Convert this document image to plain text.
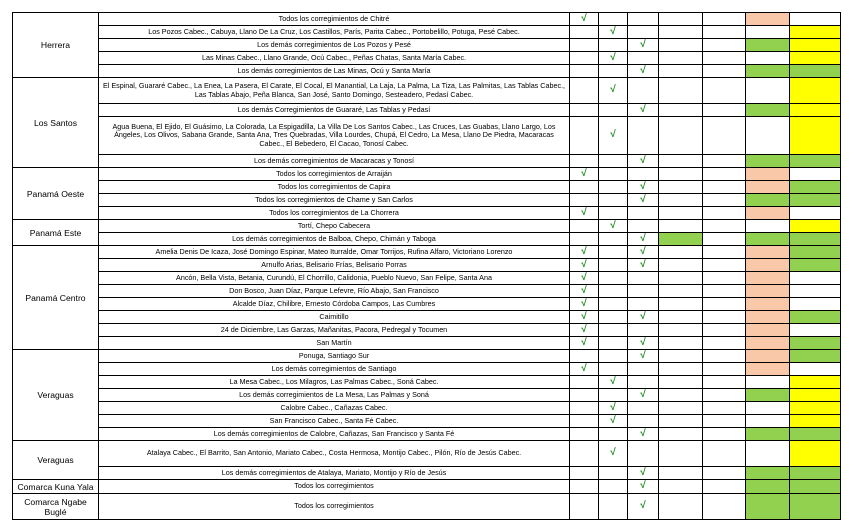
Herrera	Todos los corregimientos de Chitré	√						
	Los Pozos Cabec., Cabuya, Llano De La Cruz, Los Castillos, París, Parita Cabec., Portobelillo, Potuga, Pesé Cabec.		√					
	Los demás corregimientos de Los Pozos y Pesé			√				
	Las Minas Cabec., Llano Grande, Ocú Cabec., Peñas Chatas, Santa María Cabec.		√					
	Los demás corregimientos de Las Minas, Ocú y Santa María			√				
Los Santos	El Espinal, Guararé Cabec., La Enea, La Pasera, El Carate, El Cocal, El Manantial, La Laja, La Palma, La Tiza, Las Palmitas, Las Tablas Cabec., Las Tablas Abajo, Peña Blanca, San José, Santo Domingo, Sesteadero, Pedasí Cabec.		√					
	Los demás Corregimientos de Guararé, Las Tablas y Pedasí			√				
	Agua Buena, El Ejido, El Guásimo, La Colorada, La Espigadilla, La Villa De Los Santos Cabec., Las Cruces, Las Guabas, Llano Largo, Los Ángeles, Los Olivos, Sabana Grande, Santa Ana, Tres Quebradas, Villa Lourdes, Chupá, El Cedro, La Mesa, Llano De Piedra, Macaracas Cabec., El Bebedero, El Cacao, Tonosí Cabec.		√					
	Los demás corregimientos de Macaracas y Tonosí			√				
Panamá Oeste	Todos los corregimientos de Arraiján	√						
	Todos los corregimientos de Capira			√				
	Todos los corregimientos de Chame y San Carlos			√				
	Todos los corregimientos de La Chorrera	√						
Panamá Este	Tortí, Chepo Cabecera		√					
	Los demás corregimientos de Balboa, Chepo, Chimán y Taboga			√				
Panamá Centro	Amelia Denis De Icaza, José Domingo Espinar, Mateo Iturralde, Omar Torrijos, Rufina Alfaro, Victoriano Lorenzo	√		√				
	Arnulfo Arias, Belisario Frías, Belisario Porras	√		√				
	Ancón, Bella Vista, Betania, Curundú, El Chorrillo, Calidonia, Pueblo Nuevo, San Felipe, Santa Ana	√						
	Don Bosco, Juan Díaz, Parque Lefevre, Río Abajo, San Francisco	√						
	Alcalde Díaz, Chilibre, Ernesto Córdoba Campos, Las Cumbres	√						
	Caimitillo	√		√				
	24 de Diciembre, Las Garzas, Mañanitas, Pacora, Pedregal y Tocumen	√						
	San Martín	√		√				
Veraguas	Ponuga, Santiago Sur			√				
	Los demás corregimientos de Santiago	√						
	La Mesa Cabec., Los Milagros, Las Palmas Cabec., Soná Cabec.		√					
	Los demás corregimientos de La Mesa, Las Palmas y Soná			√				
	Calobre Cabec., Cañazas Cabec.		√					
	San Francisco Cabec., Santa Fé Cabec.		√					
	Los demás corregimientos de Calobre, Cañazas, San Francisco y Santa Fé			√				
Veraguas	Atalaya Cabec., El Barrito, San Antonio, Mariato Cabec., Costa Hermosa, Montijo Cabec., Pilón, Río de Jesús Cabec.		√					
	Los demás corregimientos de Atalaya, Mariato, Montijo y Río de Jesús			√				
Comarca Kuna Yala	Todos los corregimientos			√				
Comarca Ngabe Buglé	Todos los corregimientos			√				
